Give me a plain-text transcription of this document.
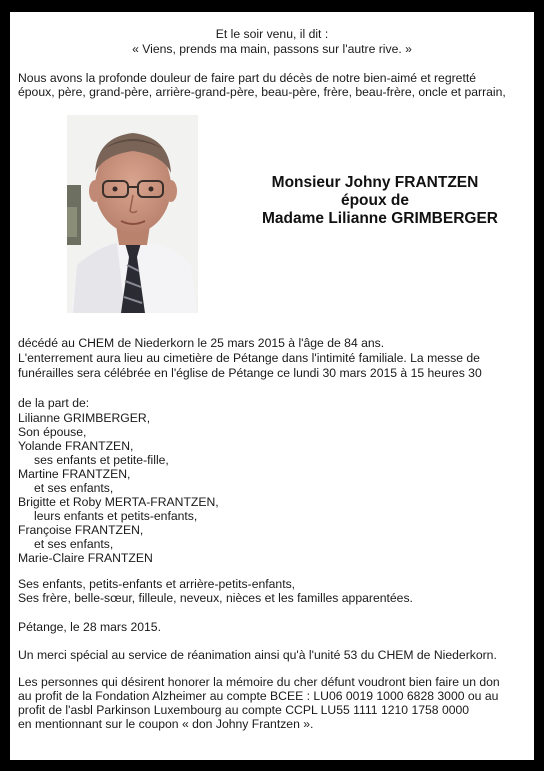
Et le soir venu, il dit :
« Viens, prends ma main, passons sur l'autre rive. »
Nous avons la profonde douleur de faire part du décès de notre bien-aimé et regretté
époux, père, grand-père, arrière-grand-père, beau-père, frère, beau-frère, oncle et parrain,
Monsieur Johny FRANTZEN
époux de
Madame Lilianne GRIMBERGER
décédé au CHEM de Niederkorn le 25 mars 2015 à l'âge de 84 ans.
L'enterrement aura lieu au cimetière de Pétange dans l'intimité familiale. La messe de
funérailles sera célébrée en l'église de Pétange ce lundi 30 mars 2015 à 15 heures 30
de la part de:
Lilianne GRIMBERGER,
Son épouse,
Yolande FRANTZEN,
ses enfants et petite-fille,
Martine FRANTZEN,
et ses enfants,
Brigitte et Roby MERTA-FRANTZEN,
leurs enfants et petits-enfants,
Françoise FRANTZEN,
et ses enfants,
Marie-Claire FRANTZEN
Ses enfants, petits-enfants et arrière-petits-enfants,
Ses frère, belle-sœur, filleule, neveux, nièces et les familles apparentées.
Pétange, le 28 mars 2015.
Un merci spécial au service de réanimation ainsi qu'à l'unité 53 du CHEM de Niederkorn.
Les personnes qui désirent honorer la mémoire du cher défunt voudront bien faire un don
au profit de la Fondation Alzheimer au compte BCEE : LU06 0019 1000 6828 3000 ou au
profit de l'asbl Parkinson Luxembourg au compte CCPL LU55 1111 1210 1758 0000
en mentionnant sur le coupon « don Johny Frantzen ».
